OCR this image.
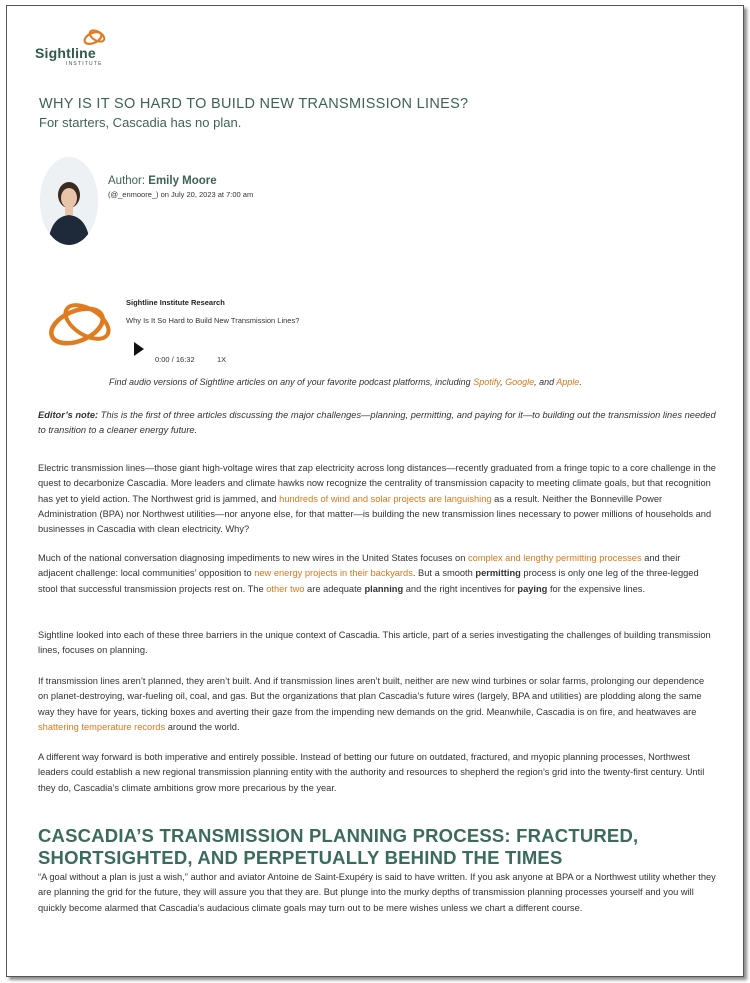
Sightline
INSTITUTE
WHY IS IT SO HARD TO BUILD NEW TRANSMISSION LINES?
For starters, Cascadia has no plan.
Author: Emily Moore
(@_enmoore_) on July 20, 2023 at 7:00 am
Sightline Institute Research
Why Is It So Hard to Build New Transmission Lines?
0:00 / 16:32	1X
Find audio versions of Sightline articles on any of your favorite podcast platforms, including Spotify, Google, and Apple.

Editor’s note: This is the first of three articles discussing the major challenges—planning, permitting, and paying for it—to building out the transmission lines needed to transition to a cleaner energy future.

Electric transmission lines—those giant high-voltage wires that zap electricity across long distances—recently graduated from a fringe topic to a core challenge in the quest to decarbonize Cascadia. More leaders and climate hawks now recognize the centrality of transmission capacity to meeting climate goals, but that recognition has yet to yield action. The Northwest grid is jammed, and hundreds of wind and solar projects are languishing as a result. Neither the Bonneville Power Administration (BPA) nor Northwest utilities—nor anyone else, for that matter—is building the new transmission lines necessary to power millions of households and businesses in Cascadia with clean electricity. Why?

Much of the national conversation diagnosing impediments to new wires in the United States focuses on complex and lengthy permitting processes and their adjacent challenge: local communities’ opposition to new energy projects in their backyards. But a smooth permitting process is only one leg of the three-legged stool that successful transmission projects rest on. The other two are adequate planning and the right incentives for paying for the expensive lines.

Sightline looked into each of these three barriers in the unique context of Cascadia. This article, part of a series investigating the challenges of building transmission lines, focuses on planning.

If transmission lines aren’t planned, they aren’t built. And if transmission lines aren’t built, neither are new wind turbines or solar farms, prolonging our dependence on planet-destroying, war-fueling oil, coal, and gas. But the organizations that plan Cascadia’s future wires (largely, BPA and utilities) are plodding along the same way they have for years, ticking boxes and averting their gaze from the impending new demands on the grid. Meanwhile, Cascadia is on fire, and heatwaves are shattering temperature records around the world.

A different way forward is both imperative and entirely possible. Instead of betting our future on outdated, fractured, and myopic planning processes, Northwest leaders could establish a new regional transmission planning entity with the authority and resources to shepherd the region’s grid into the twenty-first century. Until they do, Cascadia’s climate ambitions grow more precarious by the year.

CASCADIA’S TRANSMISSION PLANNING PROCESS: FRACTURED, SHORTSIGHTED, AND PERPETUALLY BEHIND THE TIMES

“A goal without a plan is just a wish,” author and aviator Antoine de Saint-Exupéry is said to have written. If you ask anyone at BPA or a Northwest utility whether they are planning the grid for the future, they will assure you that they are. But plunge into the murky depths of transmission planning processes yourself and you will quickly become alarmed that Cascadia’s audacious climate goals may turn out to be mere wishes unless we chart a different course.
